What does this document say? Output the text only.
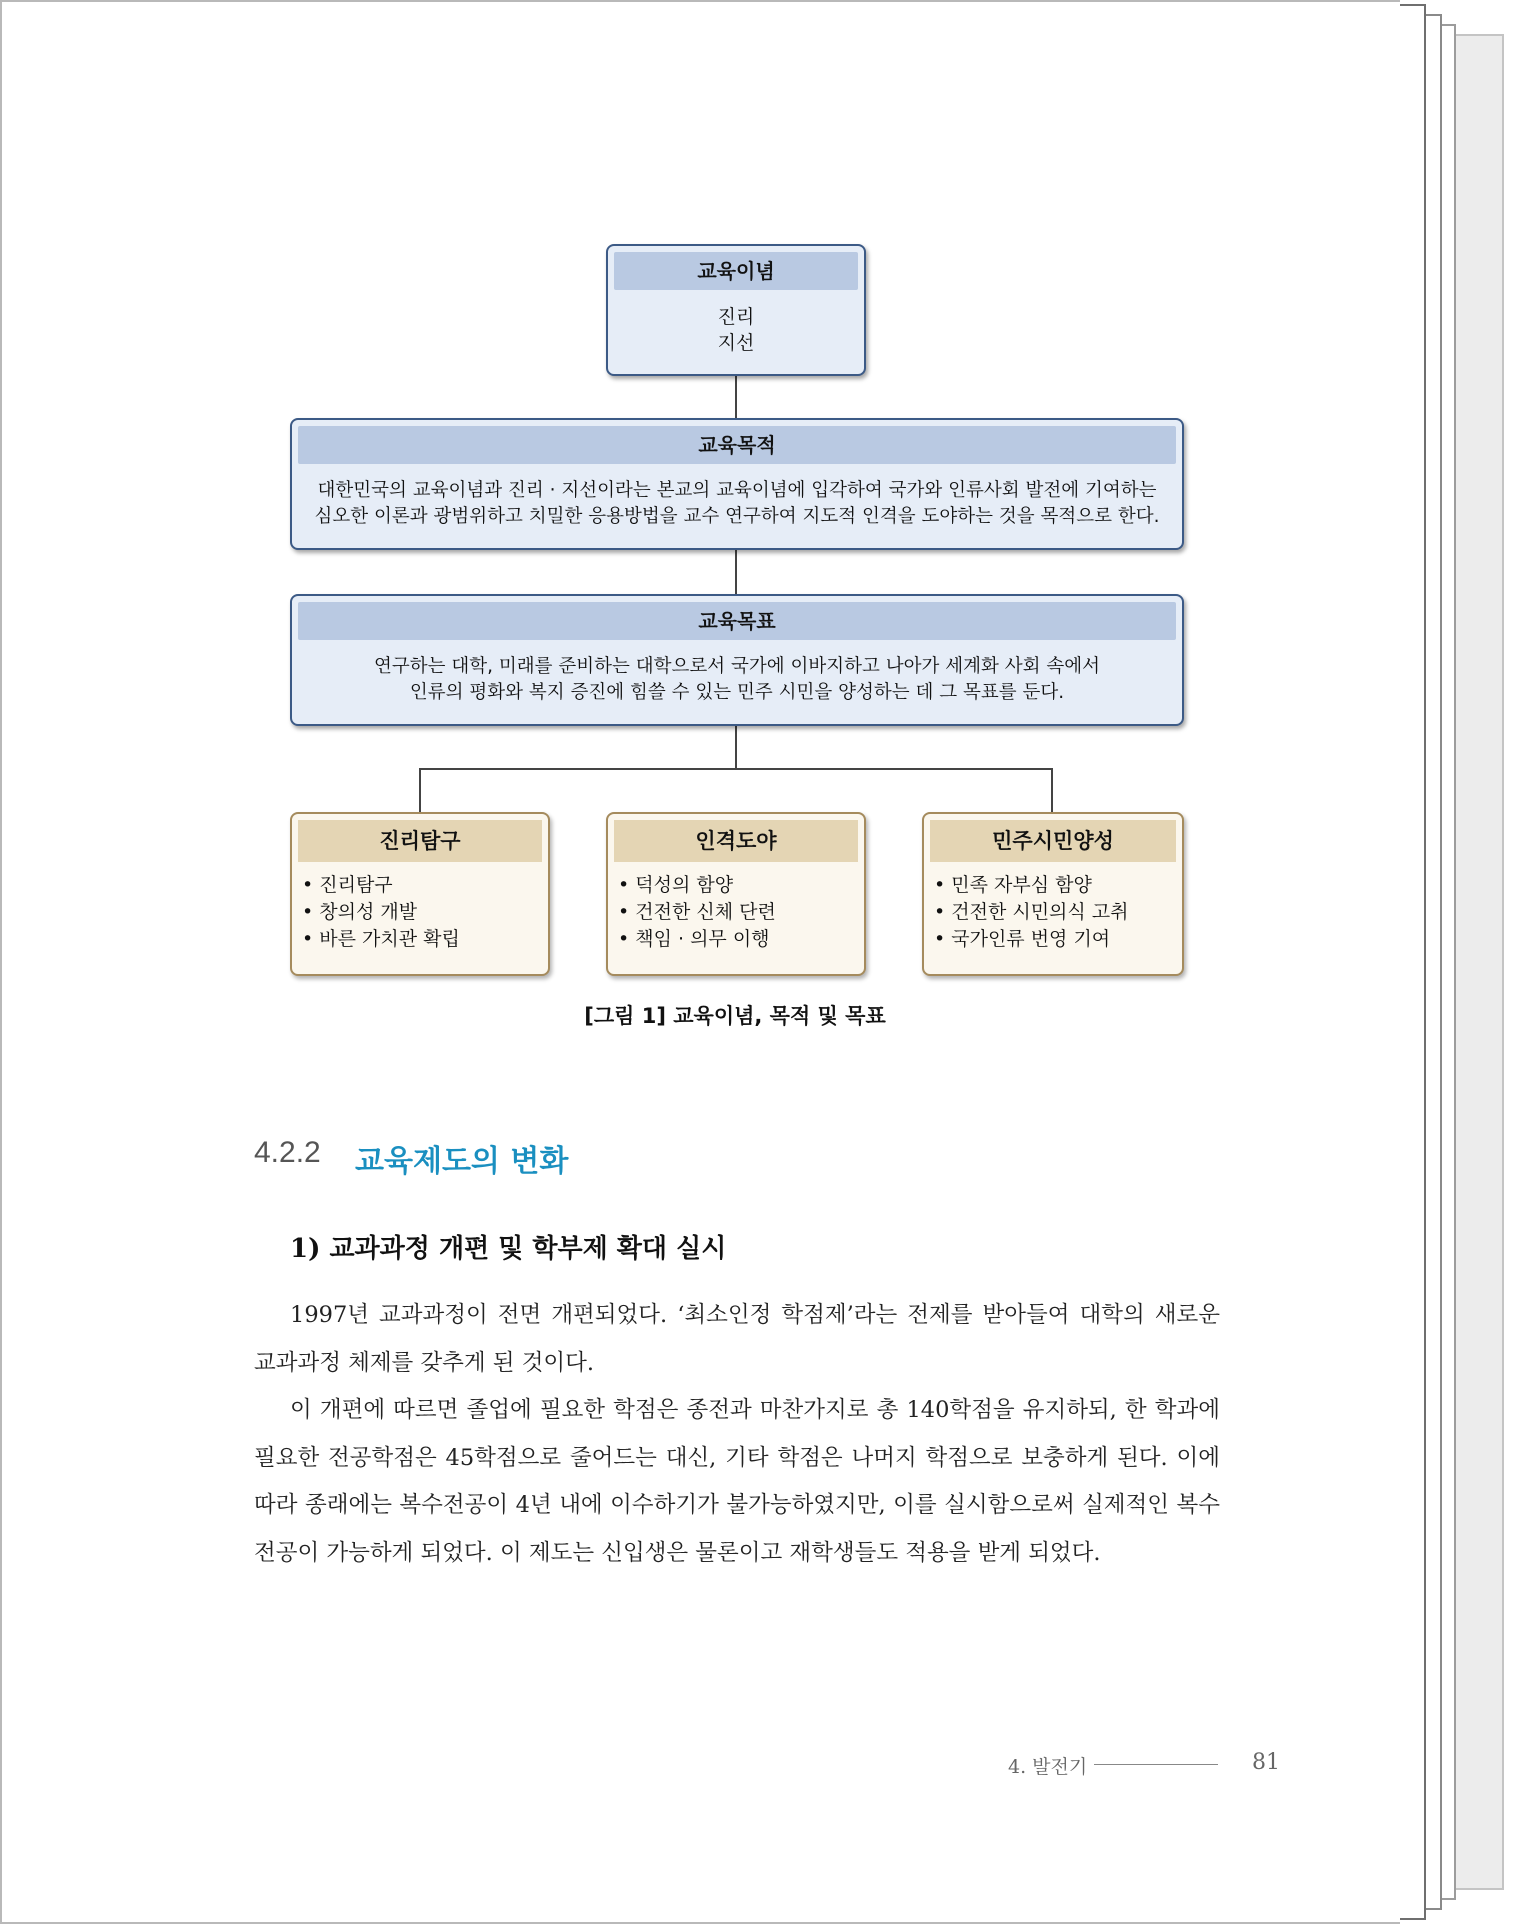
교육이념
진리
지선
교육목적
대한민국의 교육이념과 진리 · 지선이라는 본교의 교육이념에 입각하여 국가와 인류사회 발전에 기여하는
심오한 이론과 광범위하고 치밀한 응용방법을 교수 연구하여 지도적 인격을 도야하는 것을 목적으로 한다.
교육목표
연구하는 대학, 미래를 준비하는 대학으로서 국가에 이바지하고 나아가 세계화 사회 속에서
인류의 평화와 복지 증진에 힘쓸 수 있는 민주 시민을 양성하는 데 그 목표를 둔다.
진리탐구
• 진리탐구
• 창의성 개발
• 바른 가치관 확립
인격도야
• 덕성의 함양
• 건전한 신체 단련
• 책임 · 의무 이행
민주시민양성
• 민족 자부심 함양
• 건전한 시민의식 고취
• 국가인류 번영 기여
[그림 1] 교육이념, 목적 및 목표
4.2.2 교육제도의 변화
1) 교과과정 개편 및 학부제 확대 실시

1997년 교과과정이 전면 개편되었다. ‘최소인정 학점제’라는 전제를 받아들여 대학의 새로운 교과과정 체제를 갖추게 된 것이다.

이 개편에 따르면 졸업에 필요한 학점은 종전과 마찬가지로 총 140학점을 유지하되, 한 학과에 필요한 전공학점은 45학점으로 줄어드는 대신, 기타 학점은 나머지 학점으로 보충하게 된다. 이에 따라 종래에는 복수전공이 4년 내에 이수하기가 불가능하였지만, 이를 실시함으로써 실제적인 복수 전공이 가능하게 되었다. 이 제도는 신입생은 물론이고 재학생들도 적용을 받게 되었다.

4. 발전기	81
